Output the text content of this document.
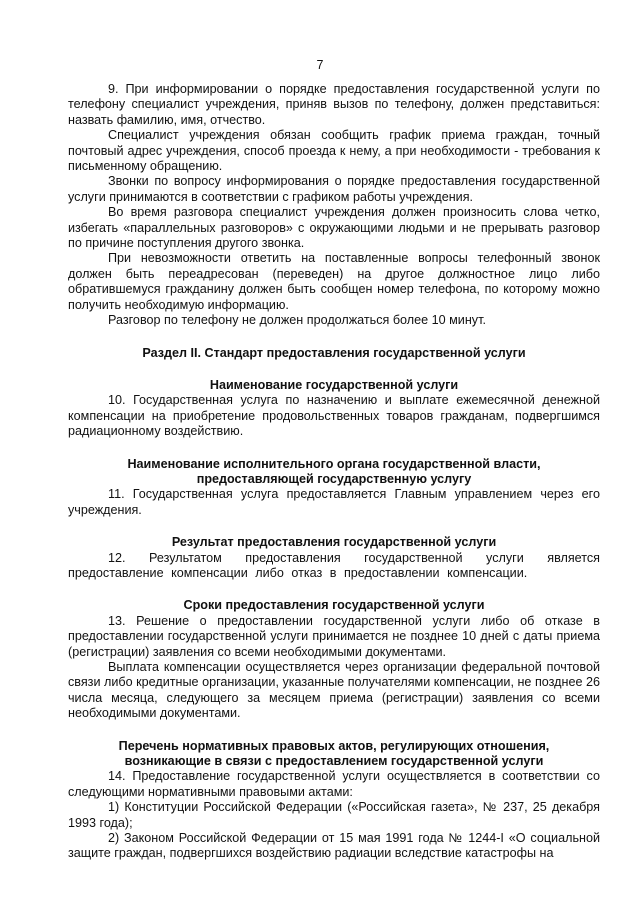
7

9. При информировании о порядке предоставления государственной услуги по телефону специалист учреждения, приняв вызов по телефону, должен представиться: назвать фамилию, имя, отчество.

Специалист учреждения обязан сообщить график приема граждан, точный почтовый адрес учреждения, способ проезда к нему, а при необходимости - требования к письменному обращению.

Звонки по вопросу информирования о порядке предоставления государственной услуги принимаются в соответствии с графиком работы учреждения.

Во время разговора специалист учреждения должен произносить слова четко, избегать «параллельных разговоров» с окружающими людьми и не прерывать разговор по причине поступления другого звонка.

При невозможности ответить на поставленные вопросы телефонный звонок должен быть переадресован (переведен) на другое должностное лицо либо обратившемуся гражданину должен быть сообщен номер телефона, по которому можно получить необходимую информацию.

Разговор по телефону не должен продолжаться более 10 минут.

Раздел II. Стандарт предоставления государственной услуги

Наименование государственной услуги

10. Государственная услуга по назначению и выплате ежемесячной денежной компенсации на приобретение продовольственных товаров гражданам, подвергшимся радиационному воздействию.

Наименование исполнительного органа государственной власти,

предоставляющей государственную услугу

11. Государственная услуга предоставляется Главным управлением через его учреждения.

Результат предоставления государственной услуги

12. Результатом предоставления государственной услуги является предоставление компенсации либо отказ в предоставлении компенсации.

Сроки предоставления государственной услуги

13. Решение о предоставлении государственной услуги либо об отказе в предоставлении государственной услуги принимается не позднее 10 дней с даты приема (регистрации) заявления со всеми необходимыми документами.

Выплата компенсации осуществляется через организации федеральной почтовой связи либо кредитные организации, указанные получателями компенсации, не позднее 26 числа месяца, следующего за месяцем приема (регистрации) заявления со всеми необходимыми документами.

Перечень нормативных правовых актов, регулирующих отношения,

возникающие в связи с предоставлением государственной услуги

14. Предоставление государственной услуги осуществляется в соответствии со следующими нормативными правовыми актами:

1) Конституции Российской Федерации («Российская газета», № 237, 25 декабря 1993 года);

2) Законом Российской Федерации от 15 мая 1991 года № 1244-I «О социальной защите граждан, подвергшихся воздействию радиации вследствие катастрофы на
